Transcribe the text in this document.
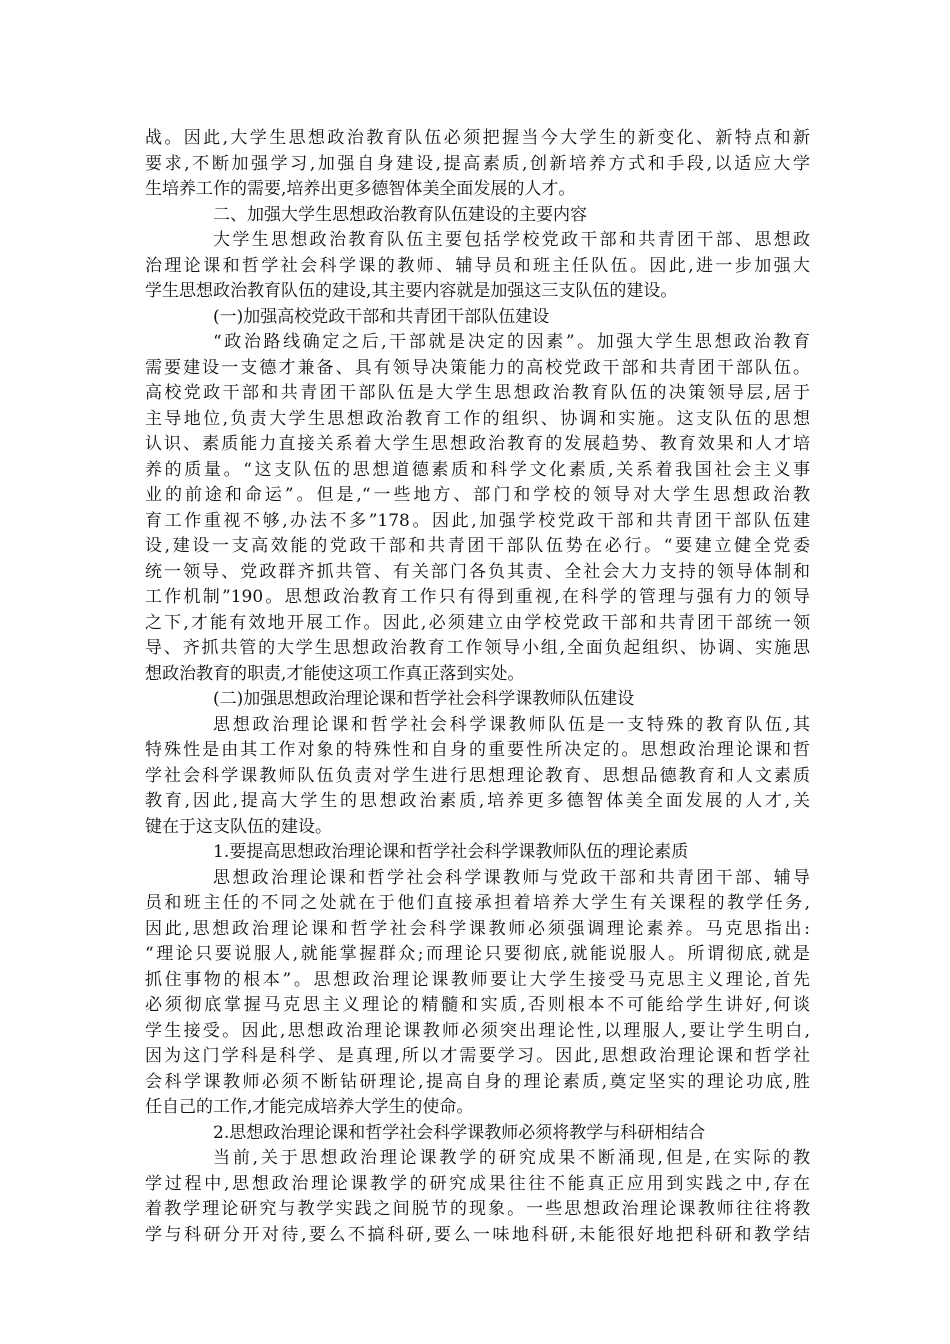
战。因此,大学生思想政治教育队伍必须把握当今大学生的新变化、新特点和新
要求,不断加强学习,加强自身建设,提高素质,创新培养方式和手段,以适应大学
生培养工作的需要,培养出更多德智体美全面发展的人才。
二、加强大学生思想政治教育队伍建设的主要内容
大学生思想政治教育队伍主要包括学校党政干部和共青团干部、思想政
治理论课和哲学社会科学课的教师、辅导员和班主任队伍。因此,进一步加强大
学生思想政治教育队伍的建设,其主要内容就是加强这三支队伍的建设。
(一)加强高校党政干部和共青团干部队伍建设
“政治路线确定之后,干部就是决定的因素”。加强大学生思想政治教育
需要建设一支德才兼备、具有领导决策能力的高校党政干部和共青团干部队伍。
高校党政干部和共青团干部队伍是大学生思想政治教育队伍的决策领导层,居于
主导地位,负责大学生思想政治教育工作的组织、协调和实施。这支队伍的思想
认识、素质能力直接关系着大学生思想政治教育的发展趋势、教育效果和人才培
养的质量。“这支队伍的思想道德素质和科学文化素质,关系着我国社会主义事
业的前途和命运”。但是,“一些地方、部门和学校的领导对大学生思想政治教
育工作重视不够,办法不多”178。因此,加强学校党政干部和共青团干部队伍建
设,建设一支高效能的党政干部和共青团干部队伍势在必行。“要建立健全党委
统一领导、党政群齐抓共管、有关部门各负其责、全社会大力支持的领导体制和
工作机制”190。思想政治教育工作只有得到重视,在科学的管理与强有力的领导
之下,才能有效地开展工作。因此,必须建立由学校党政干部和共青团干部统一领
导、齐抓共管的大学生思想政治教育工作领导小组,全面负起组织、协调、实施思
想政治教育的职责,才能使这项工作真正落到实处。
(二)加强思想政治理论课和哲学社会科学课教师队伍建设
思想政治理论课和哲学社会科学课教师队伍是一支特殊的教育队伍,其
特殊性是由其工作对象的特殊性和自身的重要性所决定的。思想政治理论课和哲
学社会科学课教师队伍负责对学生进行思想理论教育、思想品德教育和人文素质
教育,因此,提高大学生的思想政治素质,培养更多德智体美全面发展的人才,关
键在于这支队伍的建设。
1.要提高思想政治理论课和哲学社会科学课教师队伍的理论素质
思想政治理论课和哲学社会科学课教师与党政干部和共青团干部、辅导
员和班主任的不同之处就在于他们直接承担着培养大学生有关课程的教学任务,
因此,思想政治理论课和哲学社会科学课教师必须强调理论素养。马克思指出:
“理论只要说服人,就能掌握群众;而理论只要彻底,就能说服人。所谓彻底,就是
抓住事物的根本”。思想政治理论课教师要让大学生接受马克思主义理论,首先
必须彻底掌握马克思主义理论的精髓和实质,否则根本不可能给学生讲好,何谈
学生接受。因此,思想政治理论课教师必须突出理论性,以理服人,要让学生明白,
因为这门学科是科学、是真理,所以才需要学习。因此,思想政治理论课和哲学社
会科学课教师必须不断钻研理论,提高自身的理论素质,奠定坚实的理论功底,胜
任自己的工作,才能完成培养大学生的使命。
2.思想政治理论课和哲学社会科学课教师必须将教学与科研相结合
当前,关于思想政治理论课教学的研究成果不断涌现,但是,在实际的教
学过程中,思想政治理论课教学的研究成果往往不能真正应用到实践之中,存在
着教学理论研究与教学实践之间脱节的现象。一些思想政治理论课教师往往将教
学与科研分开对待,要么不搞科研,要么一味地科研,未能很好地把科研和教学结
